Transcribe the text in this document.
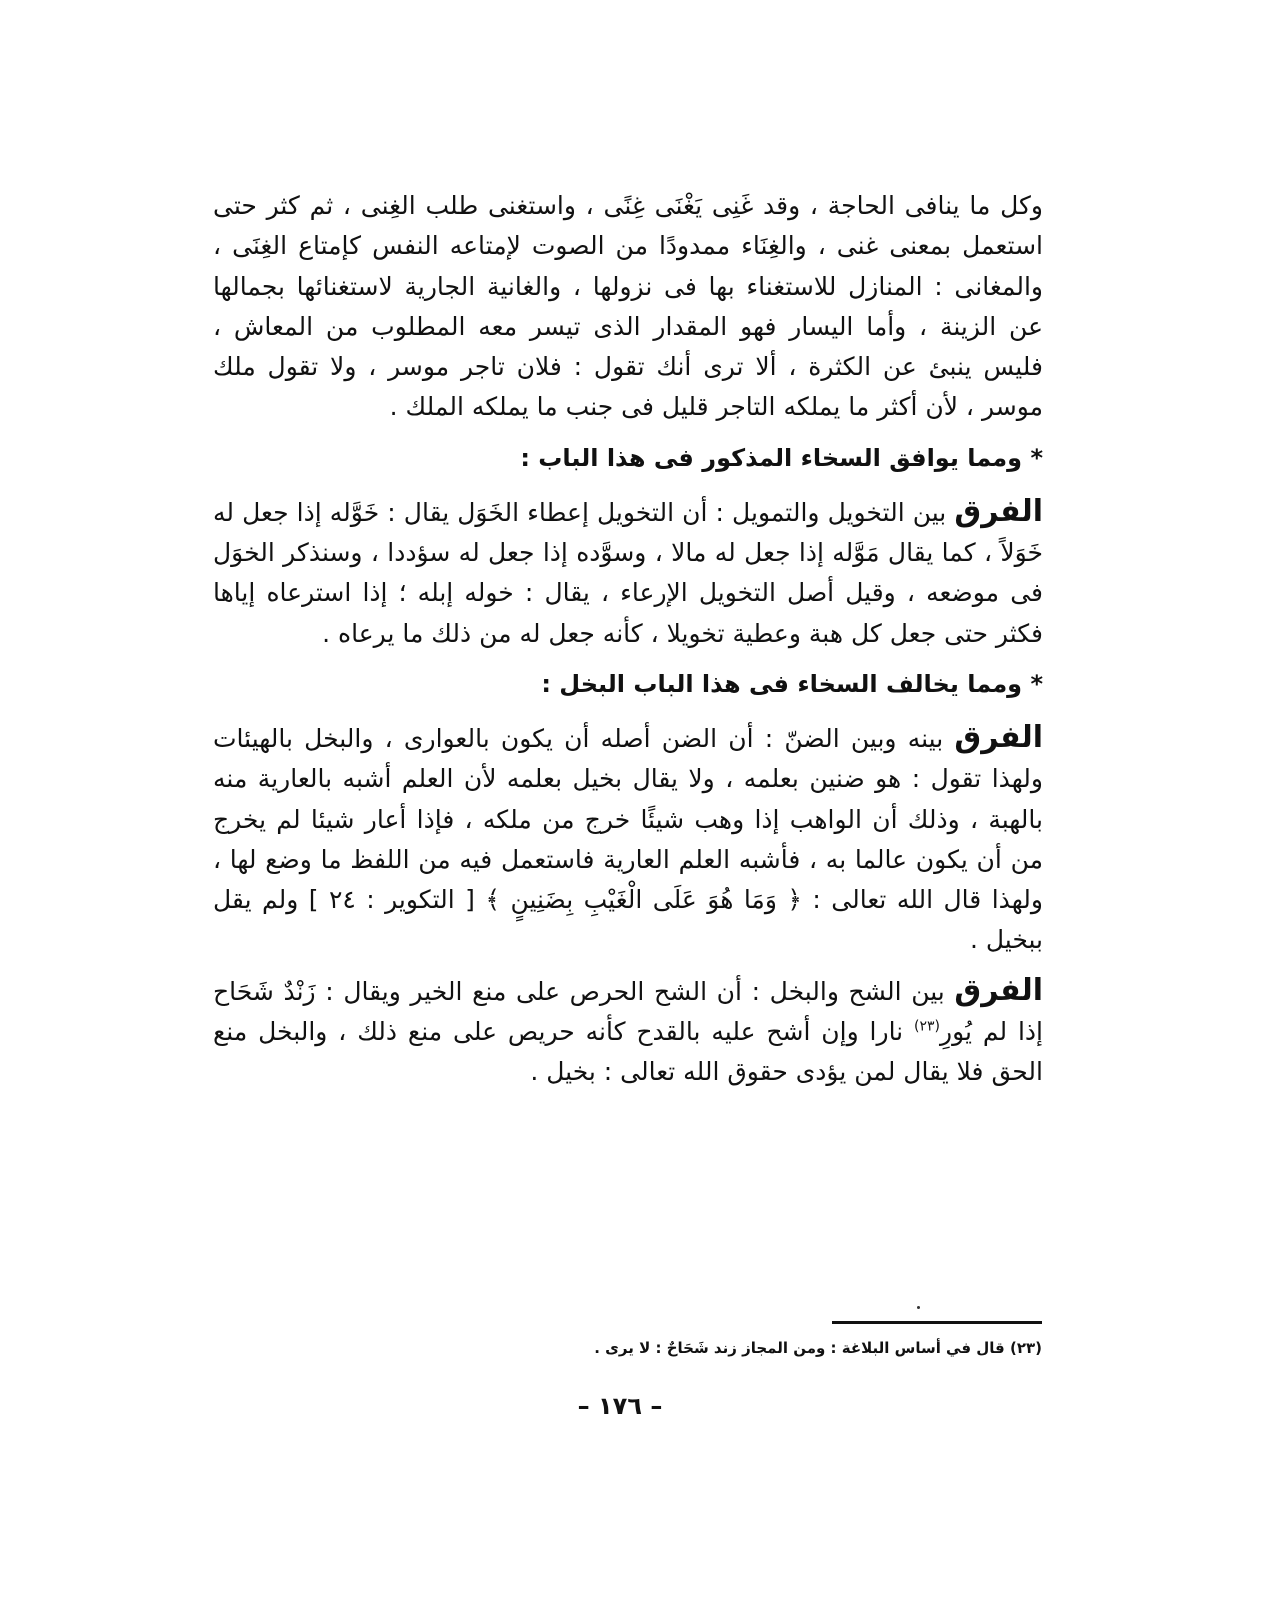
وكل ما ينافى الحاجة ، وقد غَنِى يَغْنَى غِنًى ، واستغنى طلب الغِنى ، ثم كثر حتى استعمل بمعنى غنى ، والغِنَاء ممدودًا من الصوت لإمتاعه النفس كإمتاع الغِنَى ، والمغانى : المنازل للاستغناء بها فى نزولها ، والغانية الجارية لاستغنائها بجمالها عن الزينة ، وأما اليسار فهو المقدار الذى تيسر معه المطلوب من المعاش ، فليس ينبئ عن الكثرة ، ألا ترى أنك تقول : فلان تاجر موسر ، ولا تقول ملك موسر ، لأن أكثر ما يملكه التاجر قليل فى جنب ما يملكه الملك .

* ومما يوافق السخاء المذكور فى هذا الباب :

الفرق بين التخويل والتمويل : أن التخويل إعطاء الخَوَل يقال : خَوَّله إذا جعل له خَوَلاً ، كما يقال مَوَّله إذا جعل له مالا ، وسوَّده إذا جعل له سؤددا ، وسنذكر الخوَل فى موضعه ، وقيل أصل التخويل الإرعاء ، يقال : خوله إبله ؛ إذا استرعاه إياها فكثر حتى جعل كل هبة وعطية تخويلا ، كأنه جعل له من ذلك ما يرعاه .

* ومما يخالف السخاء فى هذا الباب البخل :

الفرق بينه وبين الضنّ : أن الضن أصله أن يكون بالعوارى ، والبخل بالهيئات ولهذا تقول : هو ضنين بعلمه ، ولا يقال بخيل بعلمه لأن العلم أشبه بالعارية منه بالهبة ، وذلك أن الواهب إذا وهب شيئًا خرج من ملكه ، فإذا أعار شيئا لم يخرج من أن يكون عالما به ، فأشبه العلم العارية فاستعمل فيه من اللفظ ما وضع لها ، ولهذا قال الله تعالى : ﴿ وَمَا هُوَ عَلَى الْغَيْبِ بِضَنِينٍ ﴾ [ التكوير : ٢٤ ] ولم يقل ببخيل .

الفرق بين الشح والبخل : أن الشح الحرص على منع الخير ويقال : زَنْدٌ شَحَاح إذا لم يُورِ$^{(٢٣)}$ نارا وإن أشح عليه بالقدح كأنه حريص على منع ذلك ، والبخل منع الحق فلا يقال لمن يؤدى حقوق الله تعالى : بخيل .

(٢٣) قال في أساس البلاغة : ومن المجاز زند شَحَاحٌ : لا يرى .
– ١٧٦ –
